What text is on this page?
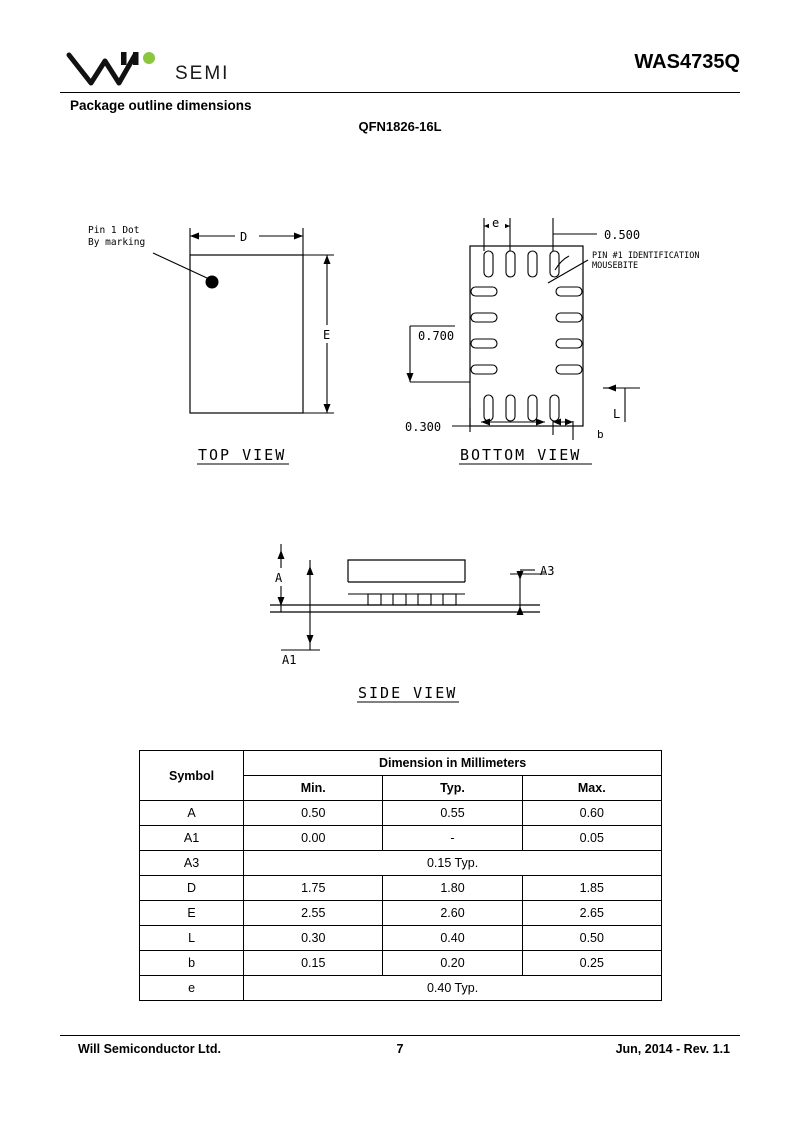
SEMI
WAS4735Q
Package outline dimensions
QFN1826-16L
Pin 1 Dot
By marking	D
E
TOP VIEW
e
0.500
PIN #1 IDENTIFICATION
MOUSEBITE
0.700
0.300
b
L
BOTTOM VIEW
A
A1
A3
SIDE VIEW
Symbol	Dimension in Millimeters		
	Min.	Typ.	Max.
A	0.50	0.55	0.60
A1	0.00	-	0.05
A3	0.15 Typ.		
D	1.75	1.80	1.85
E	2.55	2.60	2.65
L	0.30	0.40	0.50
b	0.15	0.20	0.25
e	0.40 Typ.		
Will Semiconductor Ltd.	7	Jun, 2014 - Rev. 1.1
